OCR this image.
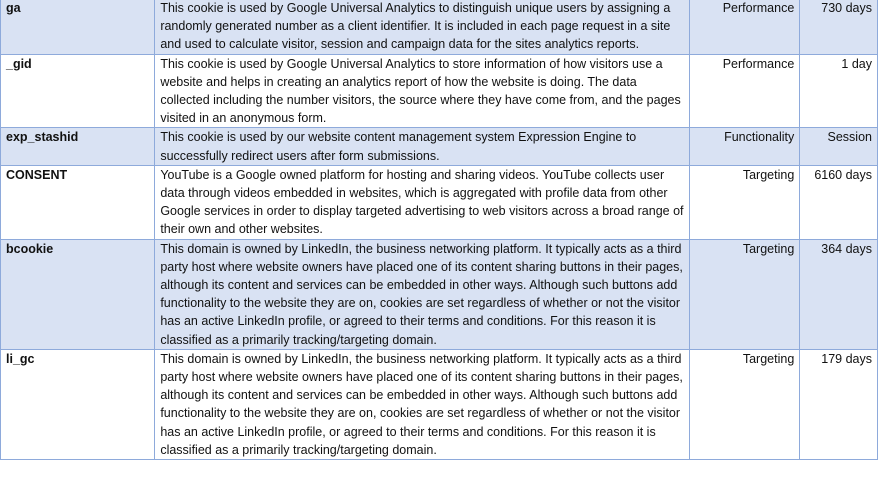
ga	This cookie is used by Google Universal Analytics to distinguish unique users by assigning a randomly generated number as a client identifier. It is included in each page request in a site and used to calculate visitor, session and campaign data for the sites analytics reports.	Performance	730 days
_gid	This cookie is used by Google Universal Analytics to store information of how visitors use a website and helps in creating an analytics report of how the website is doing. The data collected including the number visitors, the source where they have come from, and the pages visited in an anonymous form.	Performance	1 day
exp_stashid	This cookie is used by our website content management system Expression Engine to successfully redirect users after form submissions.	Functionality	Session
CONSENT	YouTube is a Google owned platform for hosting and sharing videos. YouTube collects user data through videos embedded in websites, which is aggregated with profile data from other Google services in order to display targeted advertising to web visitors across a broad range of their own and other websites.	Targeting	6160 days
bcookie	This domain is owned by LinkedIn, the business networking platform. It typically acts as a third party host where website owners have placed one of its content sharing buttons in their pages, although its content and services can be embedded in other ways. Although such buttons add functionality to the website they are on, cookies are set regardless of whether or not the visitor has an active LinkedIn profile, or agreed to their terms and conditions. For this reason it is classified as a primarily tracking/targeting domain.	Targeting	364 days
li_gc	This domain is owned by LinkedIn, the business networking platform. It typically acts as a third party host where website owners have placed one of its content sharing buttons in their pages, although its content and services can be embedded in other ways. Although such buttons add functionality to the website they are on, cookies are set regardless of whether or not the visitor has an active LinkedIn profile, or agreed to their terms and conditions. For this reason it is classified as a primarily tracking/targeting domain.	Targeting	179 days
